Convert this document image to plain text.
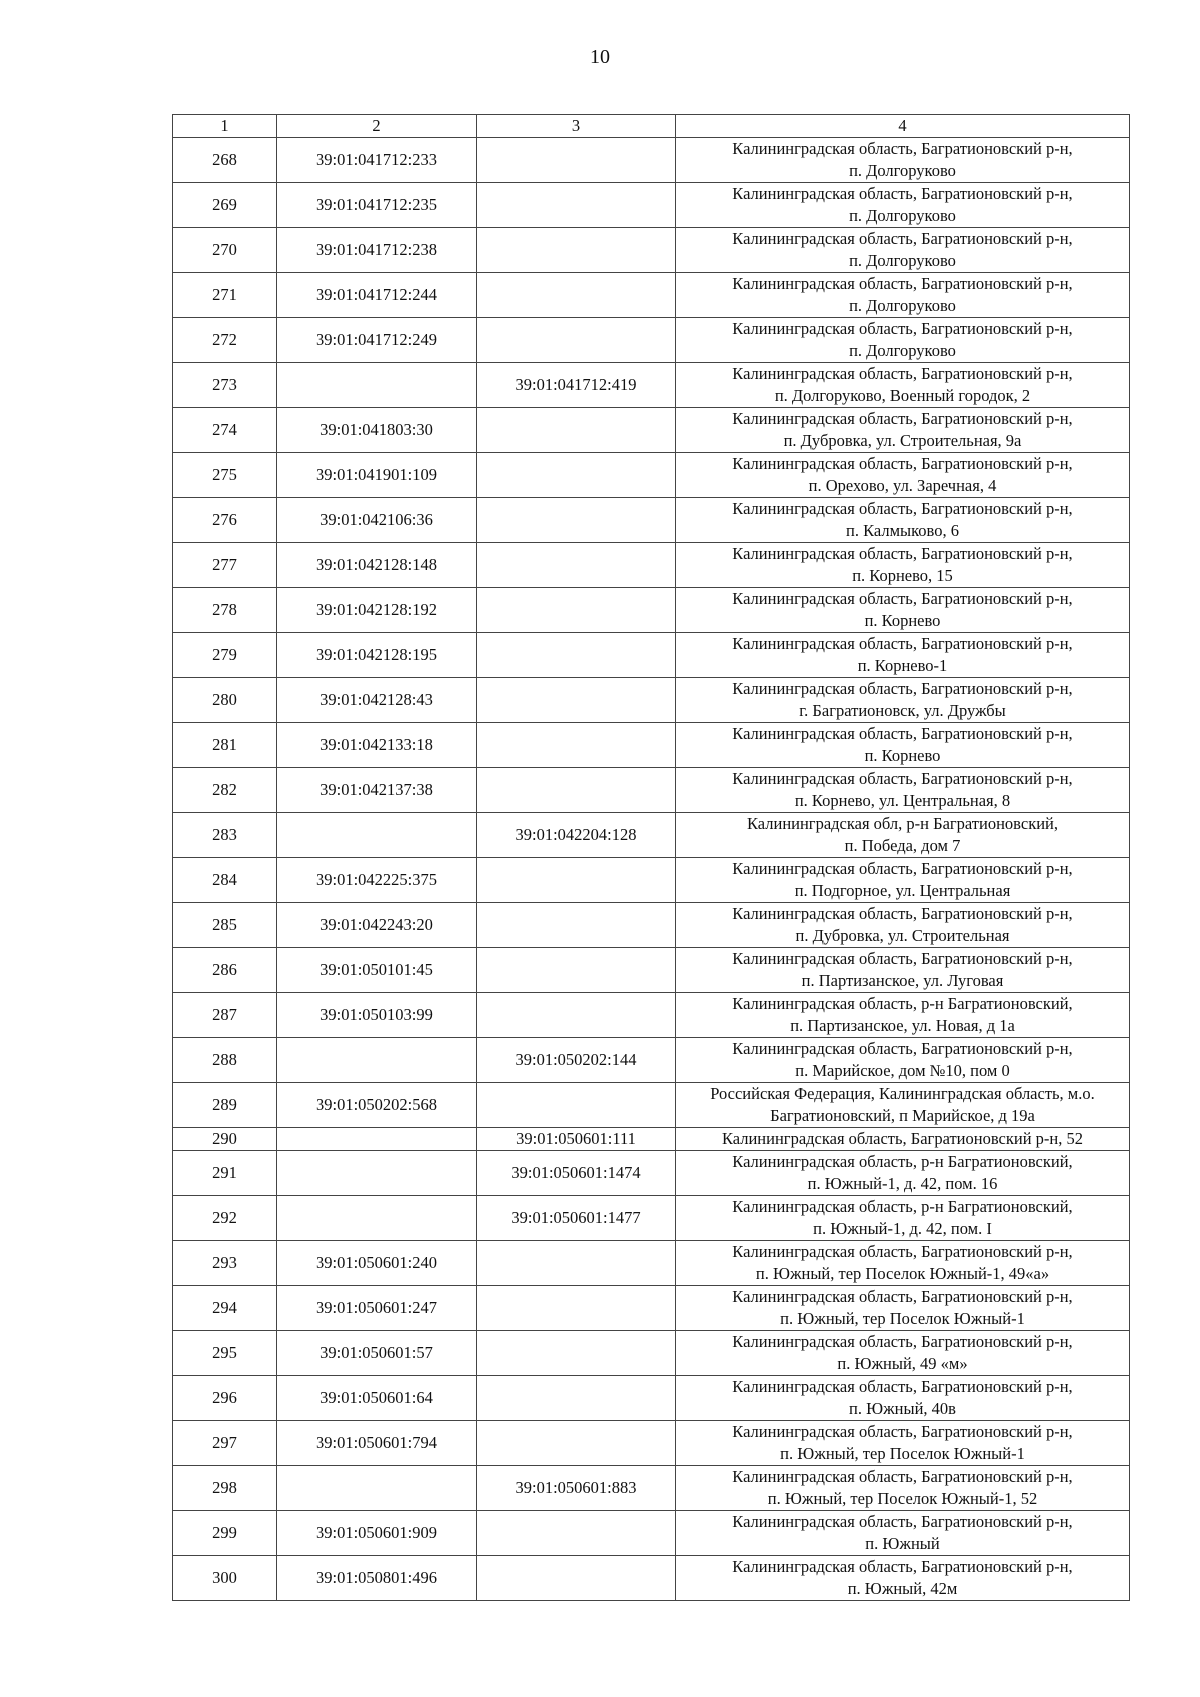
10
1	2	3	4
268	39:01:041712:233		Калининградская область, Багратионовский р-н,
п. Долгоруково

269	39:01:041712:235		Калининградская область, Багратионовский р-н,
п. Долгоруково

270	39:01:041712:238		Калининградская область, Багратионовский р-н,
п. Долгоруково

271	39:01:041712:244		Калининградская область, Багратионовский р-н,
п. Долгоруково

272	39:01:041712:249		Калининградская область, Багратионовский р-н,
п. Долгоруково

273		39:01:041712:419	Калининградская область, Багратионовский р-н,
п. Долгоруково, Военный городок, 2

274	39:01:041803:30		Калининградская область, Багратионовский р-н,
п. Дубровка, ул. Строительная, 9а

275	39:01:041901:109		Калининградская область, Багратионовский р-н,
п. Орехово, ул. Заречная, 4

276	39:01:042106:36		Калининградская область, Багратионовский р-н,
п. Калмыково, 6

277	39:01:042128:148		Калининградская область, Багратионовский р-н,
п. Корнево, 15

278	39:01:042128:192		Калининградская область, Багратионовский р-н,
п. Корнево

279	39:01:042128:195		Калининградская область, Багратионовский р-н,
п. Корнево-1

280	39:01:042128:43		Калининградская область, Багратионовский р-н,
г. Багратионовск, ул. Дружбы

281	39:01:042133:18		Калининградская область, Багратионовский р-н,
п. Корнево

282	39:01:042137:38		Калининградская область, Багратионовский р-н,
п. Корнево, ул. Центральная, 8

283		39:01:042204:128	Калининградская обл, р-н Багратионовский,
п. Победа, дом 7

284	39:01:042225:375		Калининградская область, Багратионовский р-н,
п. Подгорное, ул. Центральная

285	39:01:042243:20		Калининградская область, Багратионовский р-н,
п. Дубровка, ул. Строительная

286	39:01:050101:45		Калининградская область, Багратионовский р-н,
п. Партизанское, ул. Луговая

287	39:01:050103:99		Калининградская область, р-н Багратионовский,
п. Партизанское, ул. Новая, д 1а

288		39:01:050202:144	Калининградская область, Багратионовский р-н,
п. Марийское, дом №10, пом 0

289	39:01:050202:568		Российская Федерация, Калининградская область, м.о.
Багратионовский, п Марийское, д 19а

290		39:01:050601:111	Калининградская область, Багратионовский р-н, 52

291		39:01:050601:1474	Калининградская область, р-н Багратионовский,
п. Южный-1, д. 42, пом. 16

292		39:01:050601:1477	Калининградская область, р-н Багратионовский,
п. Южный-1, д. 42, пом. I

293	39:01:050601:240		Калининградская область, Багратионовский р-н,
п. Южный, тер Поселок Южный-1, 49«а»

294	39:01:050601:247		Калининградская область, Багратионовский р-н,
п. Южный, тер Поселок Южный-1

295	39:01:050601:57		Калининградская область, Багратионовский р-н,
п. Южный, 49 «м»

296	39:01:050601:64		Калининградская область, Багратионовский р-н,
п. Южный, 40в

297	39:01:050601:794		Калининградская область, Багратионовский р-н,
п. Южный, тер Поселок Южный-1

298		39:01:050601:883	Калининградская область, Багратионовский р-н,
п. Южный, тер Поселок Южный-1, 52

299	39:01:050601:909		Калининградская область, Багратионовский р-н,
п. Южный

300	39:01:050801:496		Калининградская область, Багратионовский р-н,
п. Южный, 42м
